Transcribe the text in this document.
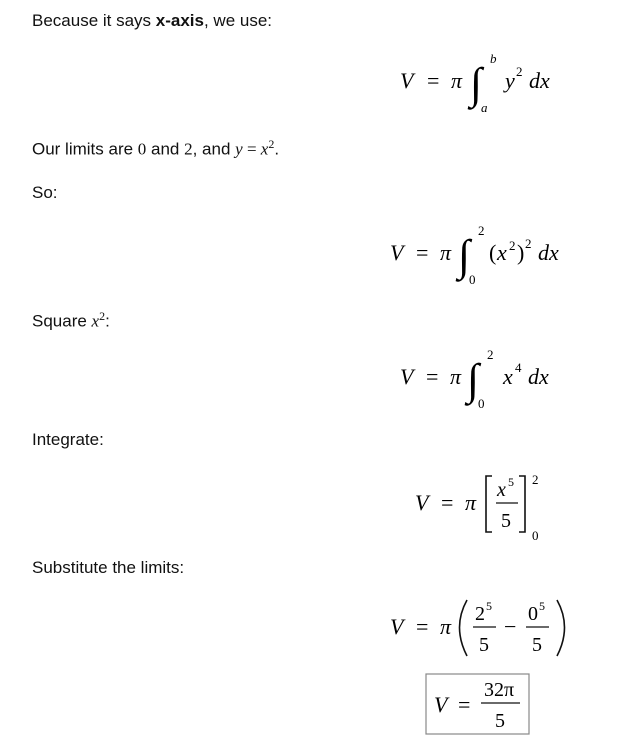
Because it says x-axis, we use:
V = π ∫
b
a
y 2 dx
Our limits are 0 and 2, and $y = x^2$.
So:
V = π ∫
2
0
( x 2 ) 2 dx
Square $x^2$:
V = π ∫
2
0
x 4 dx
Integrate:
V = π x 5
5
2
0
Substitute the limits:
V = π 2 5
5
− 0 5
5
V =
32π
5
